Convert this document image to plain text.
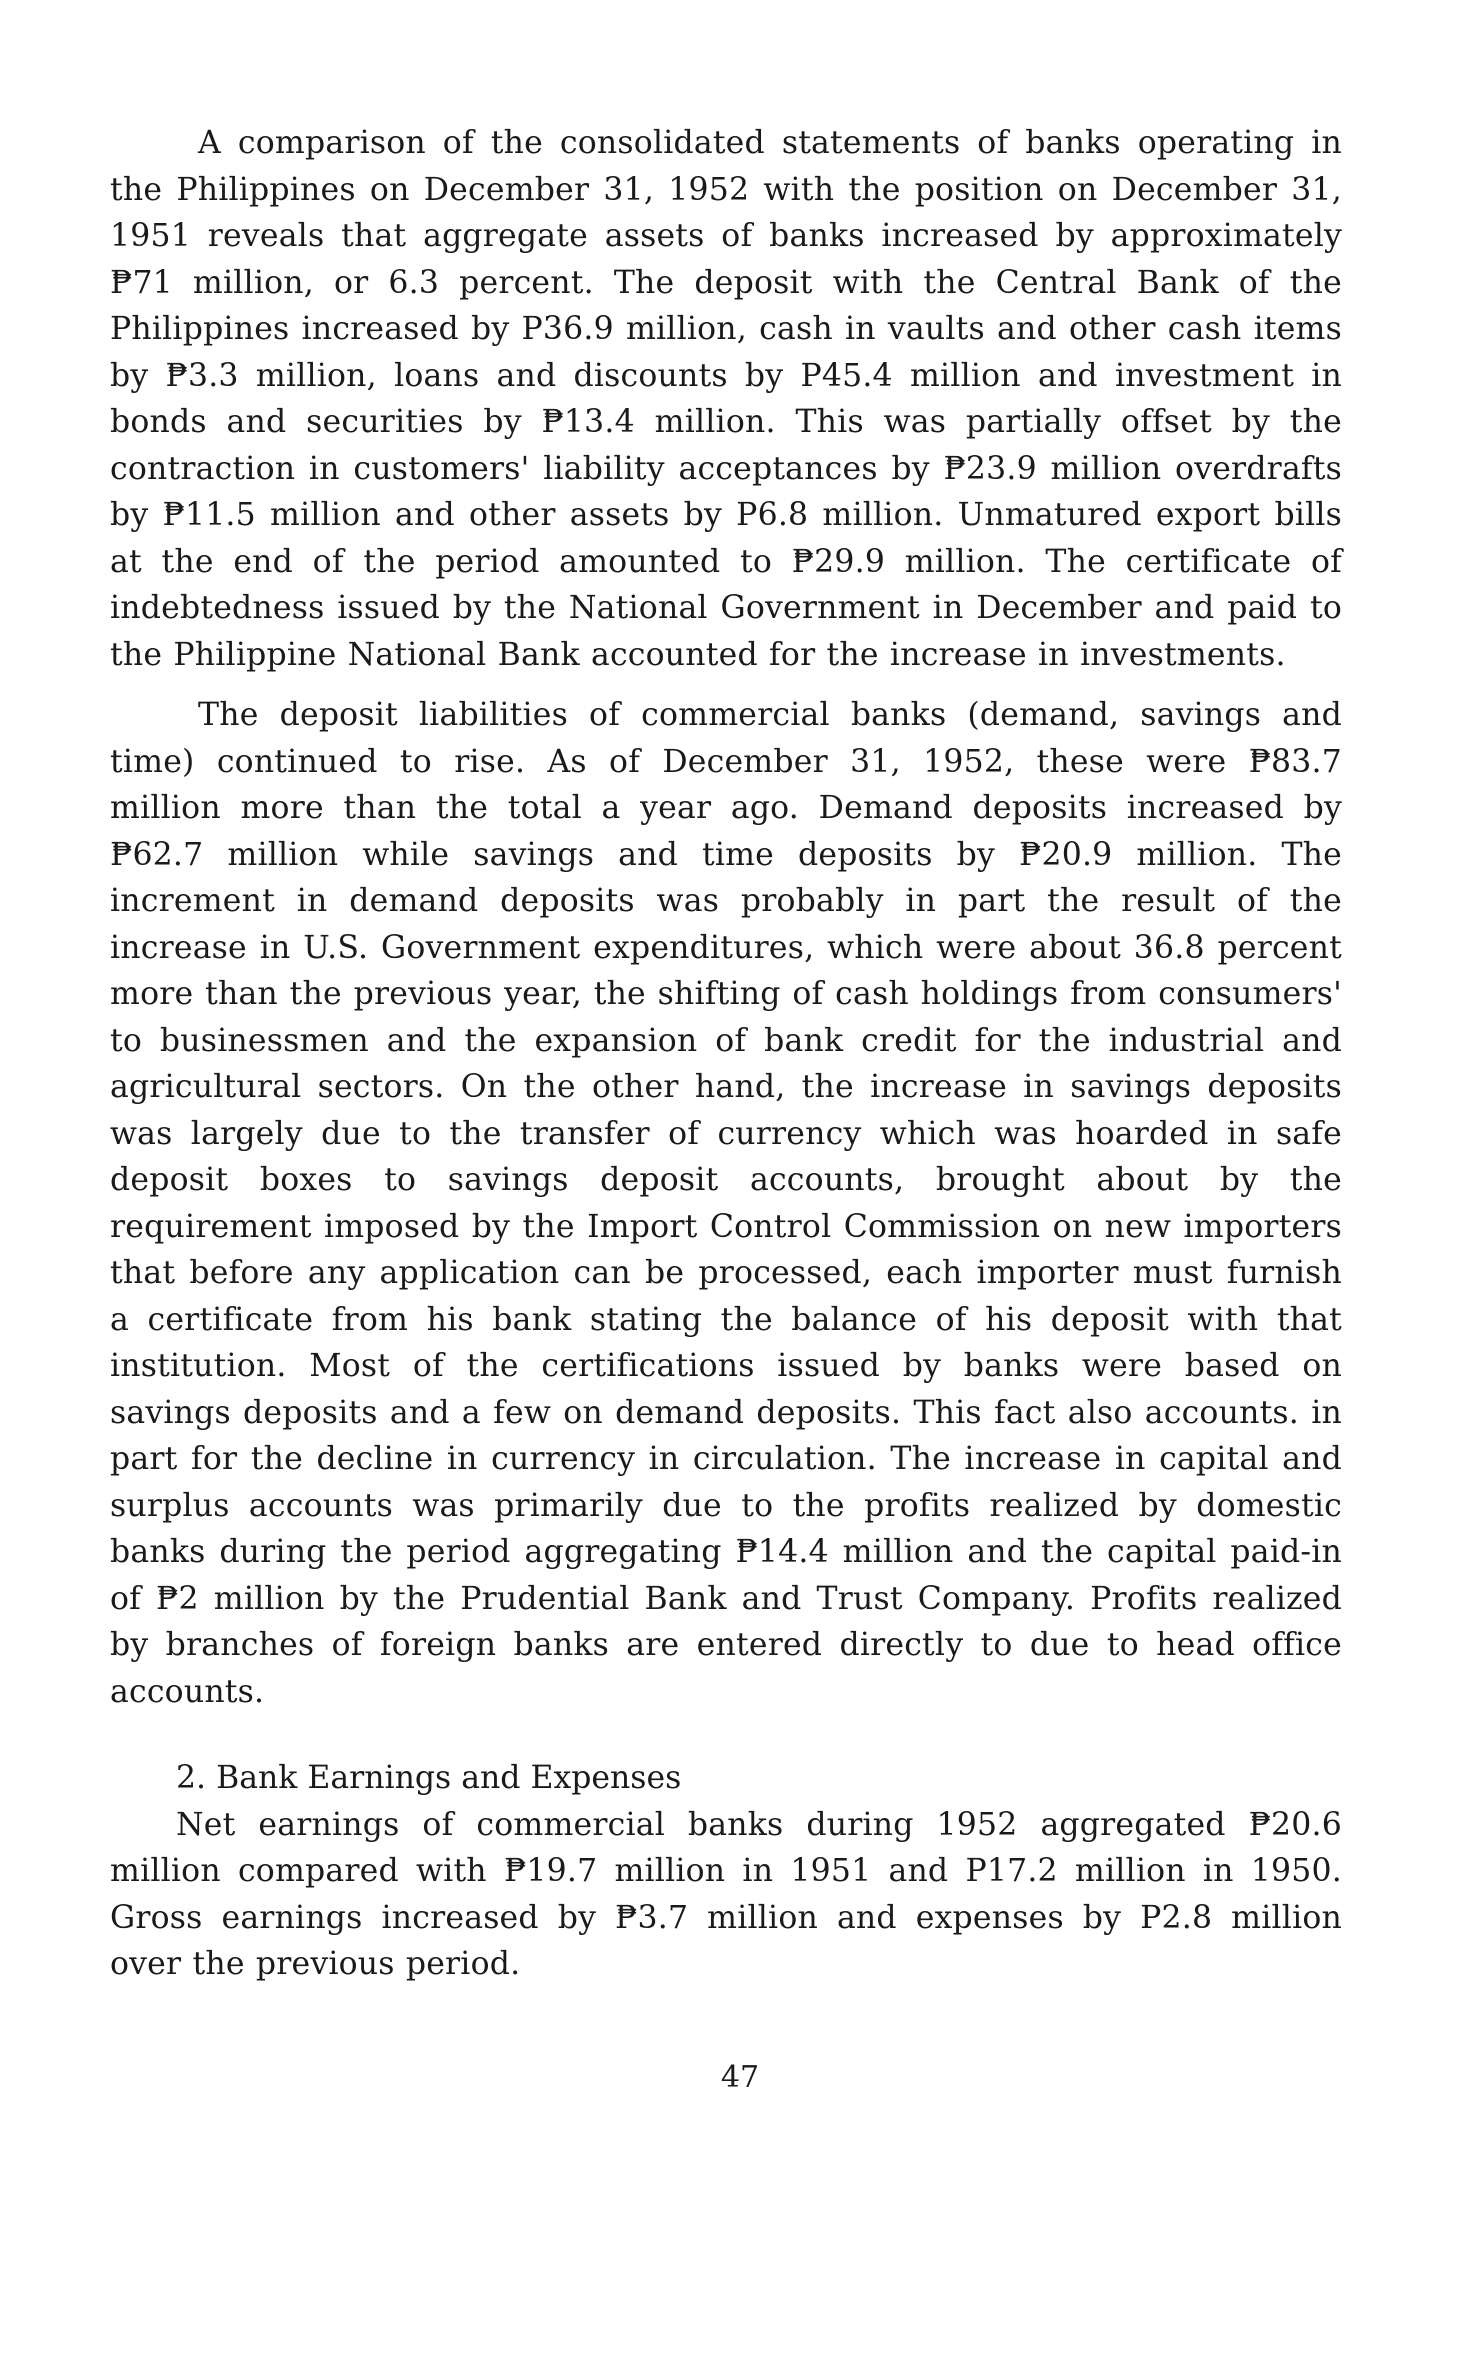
A comparison of the consolidated statements of banks operating in the Philippines on December 31, 1952 with the position on December 31, 1951 reveals that aggregate assets of banks increased by approximately ₱71 million, or 6.3 percent. The deposit with the Central Bank of the Philippines increased by P36.9 million, cash in vaults and other cash items by ₱3.3 million, loans and discounts by P45.4 million and investment in bonds and securities by ₱13.4 million. This was partially offset by the contraction in customers' liability acceptances by ₱23.9 million overdrafts by ₱11.5 million and other assets by P6.8 million. Unmatured export bills at the end of the period amounted to ₱29.9 million. The certificate of indebtedness issued by the National Government in December and paid to the Philippine National Bank accounted for the increase in investments.

The deposit liabilities of commercial banks (demand, savings and time) continued to rise. As of December 31, 1952, these were ₱83.7 million more than the total a year ago. Demand deposits increased by ₱62.7 million while savings and time deposits by ₱20.9 million. The increment in demand deposits was probably in part the result of the increase in U.S. Government expenditures, which were about 36.8 percent more than the previous year, the shifting of cash holdings from consumers' to businessmen and the expansion of bank credit for the industrial and agricultural sectors. On the other hand, the increase in savings deposits was largely due to the transfer of currency which was hoarded in safe deposit boxes to savings deposit accounts, brought about by the requirement imposed by the Import Control Commission on new importers that before any application can be processed, each importer must furnish a certificate from his bank stating the balance of his deposit with that institution. Most of the certifications issued by banks were based on savings deposits and a few on demand deposits. This fact also accounts. in part for the decline in currency in circulation. The increase in capital and surplus accounts was primarily due to the profits realized by domestic banks during the period aggregating ₱14.4 million and the capital paid-in of ₱2 million by the Prudential Bank and Trust Company. Profits realized by branches of foreign banks are entered directly to due to head office accounts.

2. Bank Earnings and Expenses

Net earnings of commercial banks during 1952 aggregated ₱20.6 million compared with ₱19.7 million in 1951 and P17.2 million in 1950. Gross earnings increased by ₱3.7 million and expenses by P2.8 million over the previous period.

47
